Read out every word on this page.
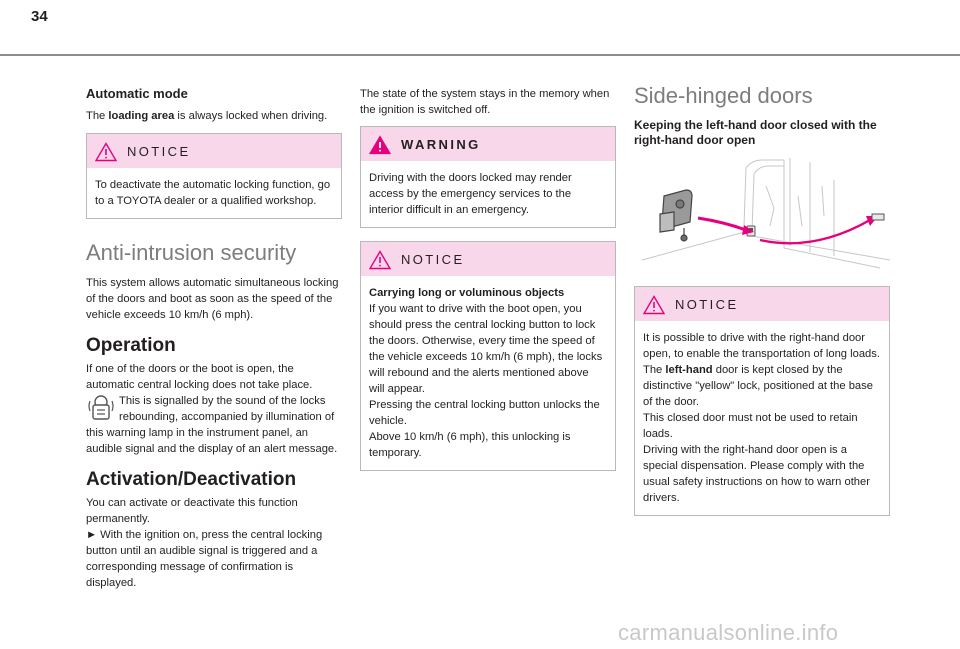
34
Automatic mode

The loading area is always locked when driving.

NOTICE

To deactivate the automatic locking function, go to a TOYOTA dealer or a qualified workshop.

Anti-intrusion security

This system allows automatic simultaneous locking of the doors and boot as soon as the speed of the vehicle exceeds 10 km/h (6 mph).

Operation

If one of the doors or the boot is open, the automatic central locking does not take place.

This is signalled by the sound of the locks rebounding, accompanied by illumination of this warning lamp in the instrument panel, an audible signal and the display of an alert message.

Activation/Deactivation

You can activate or deactivate this function permanently.

► With the ignition on, press the central locking button until an audible signal is triggered and a corresponding message of confirmation is displayed.

The state of the system stays in the memory when the ignition is switched off.

WARNING

Driving with the doors locked may render access by the emergency services to the interior difficult in an emergency.

NOTICE

Carrying long or voluminous objects

If you want to drive with the boot open, you should press the central locking button to lock the doors. Otherwise, every time the speed of the vehicle exceeds 10 km/h (6 mph), the locks will rebound and the alerts mentioned above will appear.

Pressing the central locking button unlocks the vehicle.

Above 10 km/h (6 mph), this unlocking is temporary.

Side-hinged doors
Keeping the left-hand door closed with the right-hand door open
NOTICE

It is possible to drive with the right-hand door open, to enable the transportation of long loads.

The left-hand door is kept closed by the distinctive "yellow" lock, positioned at the base of the door.

This closed door must not be used to retain loads.

Driving with the right-hand door open is a special dispensation. Please comply with the usual safety instructions on how to warn other drivers.

carmanualsonline.info
